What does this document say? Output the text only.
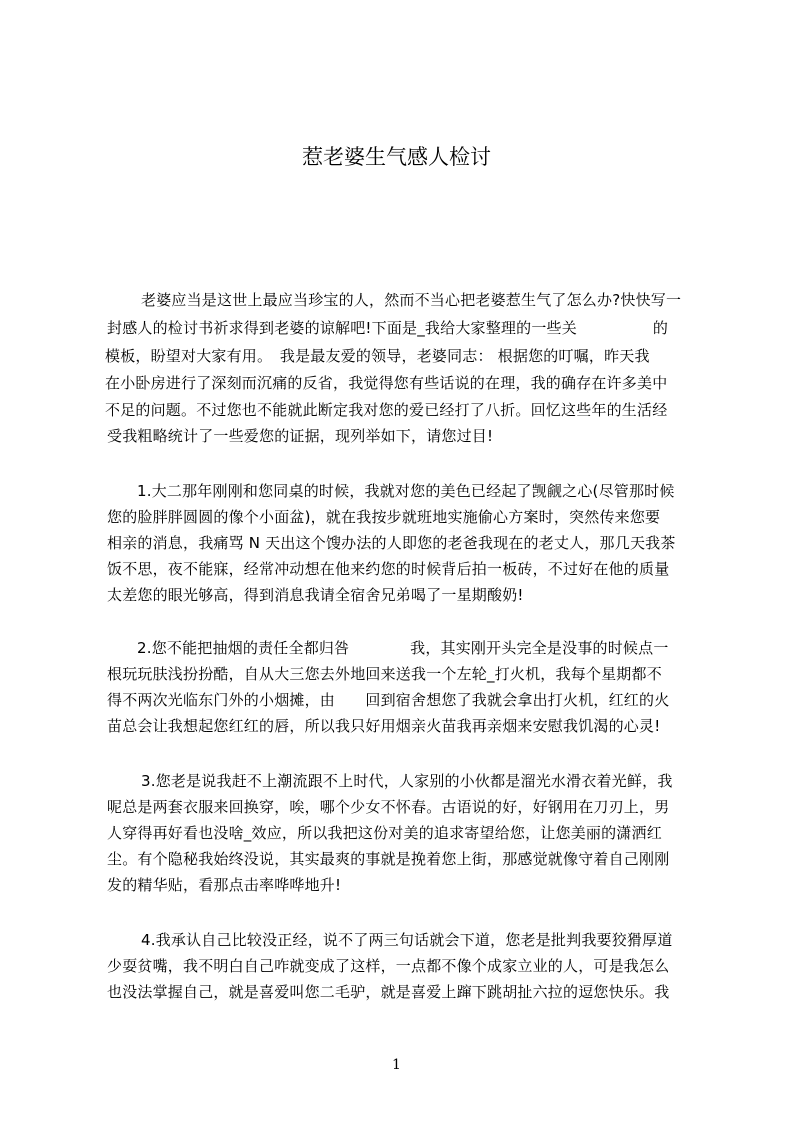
惹老婆生气感人检讨
老婆应当是这世上最应当珍宝的人，然而不当心把老婆惹生气了怎么办?快快写一
封感人的检讨书祈求得到老婆的谅解吧!下面是_我给大家整理的一些关　　　　　的
模板，盼望对大家有用。　我是最友爱的领导，老婆同志： 根据您的叮嘱，昨天我
在小卧房进行了深刻而沉痛的反省，我觉得您有些话说的在理，我的确存在许多美中
不足的问题。不过您也不能就此断定我对您的爱已经打了八折。回忆这些年的生活经
受我粗略统计了一些爱您的证据，现列举如下，请您过目!
1.大二那年刚刚和您同桌的时候，我就对您的美色已经起了觊觎之心(尽管那时候
您的脸胖胖圆圆的像个小面盆)，就在我按步就班地实施偷心方案时，突然传来您要
相亲的消息，我痛骂 N 天出这个馊办法的人即您的老爸我现在的老丈人，那几天我茶
饭不思，夜不能寐，经常冲动想在他来约您的时候背后拍一板砖，不过好在他的质量
太差您的眼光够高，得到消息我请全宿舍兄弟喝了一星期酸奶!
2.您不能把抽烟的责任全都归咎　　　　我，其实刚开头完全是没事的时候点一
根玩玩肤浅扮扮酷，自从大三您去外地回来送我一个左轮_打火机，我每个星期都不
得不两次光临东门外的小烟摊，由　　回到宿舍想您了我就会拿出打火机，红红的火
苗总会让我想起您红红的唇，所以我只好用烟亲火苗我再亲烟来安慰我饥渴的心灵!
3.您老是说我赶不上潮流跟不上时代，人家别的小伙都是溜光水滑衣着光鲜，我
呢总是两套衣服来回换穿，唉，哪个少女不怀春。古语说的好，好钢用在刀刃上，男
人穿得再好看也没啥_效应，所以我把这份对美的追求寄望给您，让您美丽的潇洒红
尘。有个隐秘我始终没说，其实最爽的事就是挽着您上街，那感觉就像守着自己刚刚
发的精华贴，看那点击率哗哗地升!
4.我承认自己比较没正经，说不了两三句话就会下道，您老是批判我要狡猾厚道
少耍贫嘴，我不明白自己咋就变成了这样，一点都不像个成家立业的人，可是我怎么
也没法掌握自己，就是喜爱叫您二毛驴，就是喜爱上蹿下跳胡扯六拉的逗您快乐。我
1
